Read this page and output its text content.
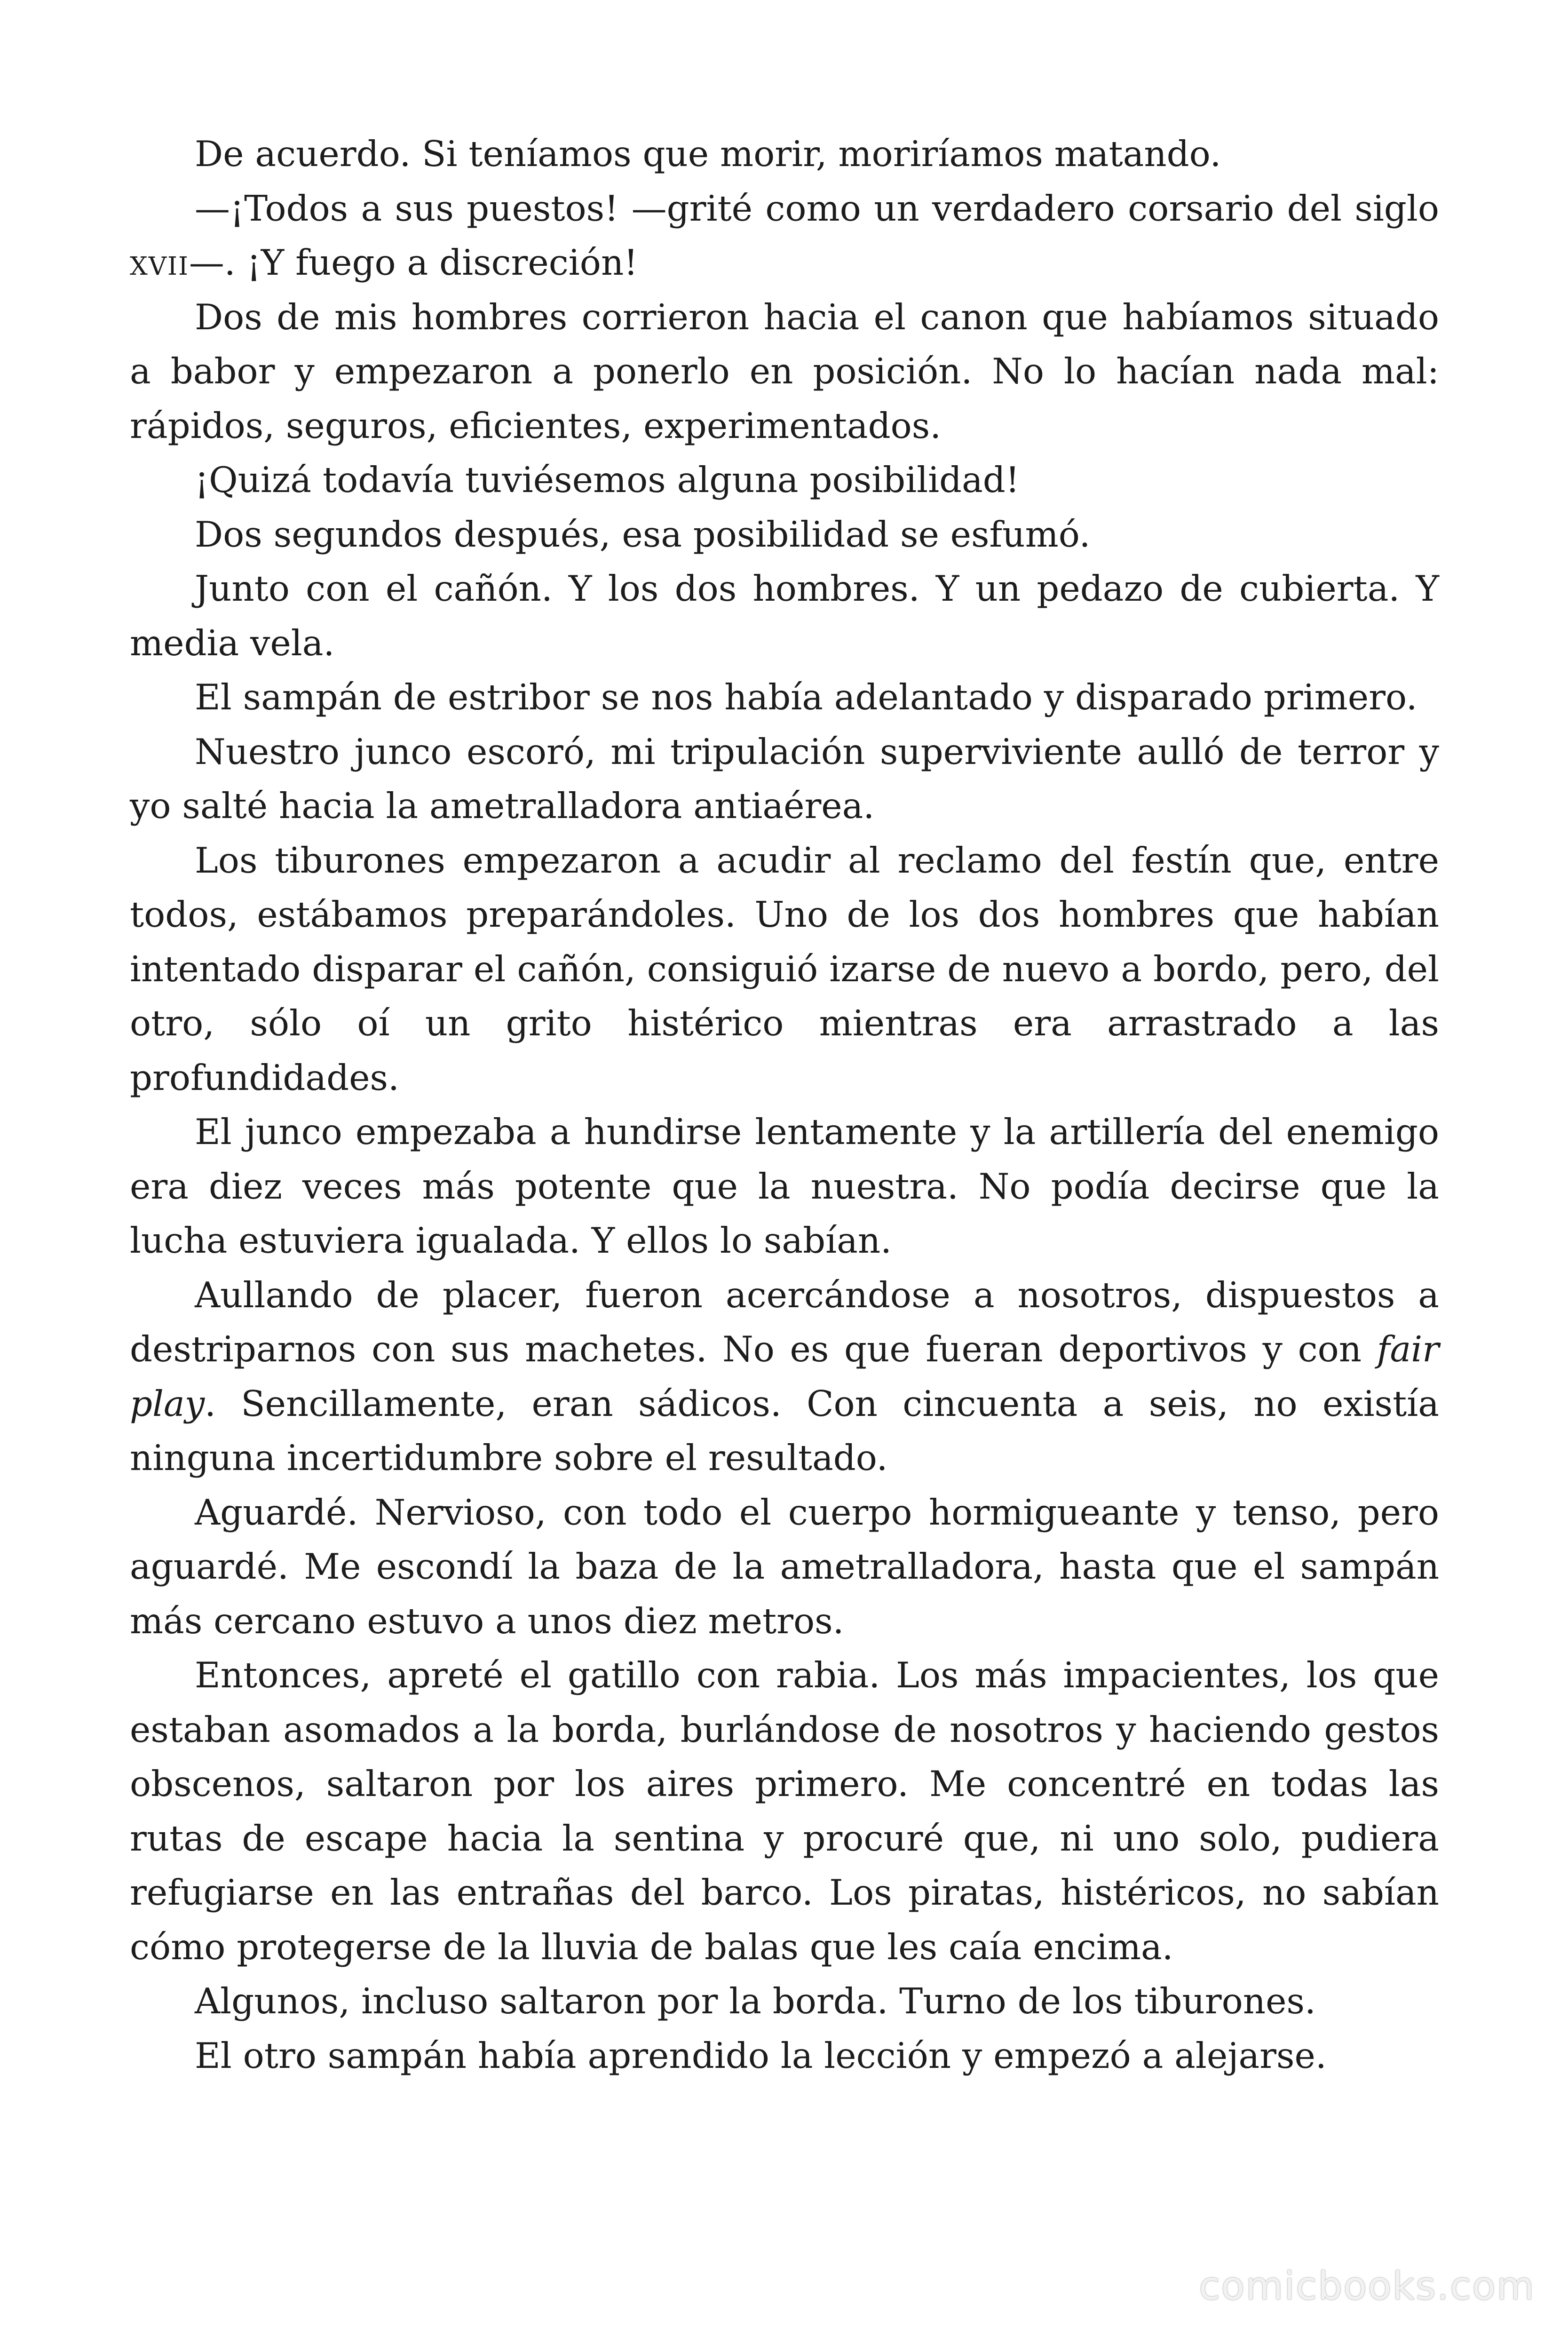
De acuerdo. Si teníamos que morir, moriríamos matando.

—¡Todos a sus puestos! —grité como un verdadero corsario del siglo xvii—. ¡Y fuego a discreción!

Dos de mis hombres corrieron hacia el canon que habíamos situado a babor y empezaron a ponerlo en posición. No lo hacían nada mal: rápidos, seguros, eficientes, experimentados.

¡Quizá todavía tuviésemos alguna posibilidad!

Dos segundos después, esa posibilidad se esfumó.

Junto con el cañón. Y los dos hombres. Y un pedazo de cubierta. Y media vela.

El sampán de estribor se nos había adelantado y disparado primero.

Nuestro junco escoró, mi tripulación superviviente aulló de terror y yo salté hacia la ametralladora antiaérea.

Los tiburones empezaron a acudir al reclamo del festín que, entre todos, estábamos preparándoles. Uno de los dos hombres que habían intentado disparar el cañón, consiguió izarse de nuevo a bordo, pero, del otro, sólo oí un grito histérico mientras era arrastrado a las profundidades.

El junco empezaba a hundirse lentamente y la artillería del enemigo era diez veces más potente que la nuestra. No podía decirse que la lucha estuviera igualada. Y ellos lo sabían.

Aullando de placer, fueron acercándose a nosotros, dispuestos a destriparnos con sus machetes. No es que fueran deportivos y con fair play. Sencillamente, eran sádicos. Con cincuenta a seis, no existía ninguna incertidumbre sobre el resultado.

Aguardé. Nervioso, con todo el cuerpo hormigueante y tenso, pero aguardé. Me escondí la baza de la ametralladora, hasta que el sampán más cercano estuvo a unos diez metros.

Entonces, apreté el gatillo con rabia. Los más impacientes, los que estaban asomados a la borda, burlándose de nosotros y haciendo gestos obscenos, saltaron por los aires primero. Me concentré en todas las rutas de escape hacia la sentina y procuré que, ni uno solo, pudiera refugiarse en las entrañas del barco. Los piratas, histéricos, no sabían cómo protegerse de la lluvia de balas que les caía encima.

Algunos, incluso saltaron por la borda. Turno de los tiburones.

El otro sampán había aprendido la lección y empezó a alejarse.

comicbooks.com
